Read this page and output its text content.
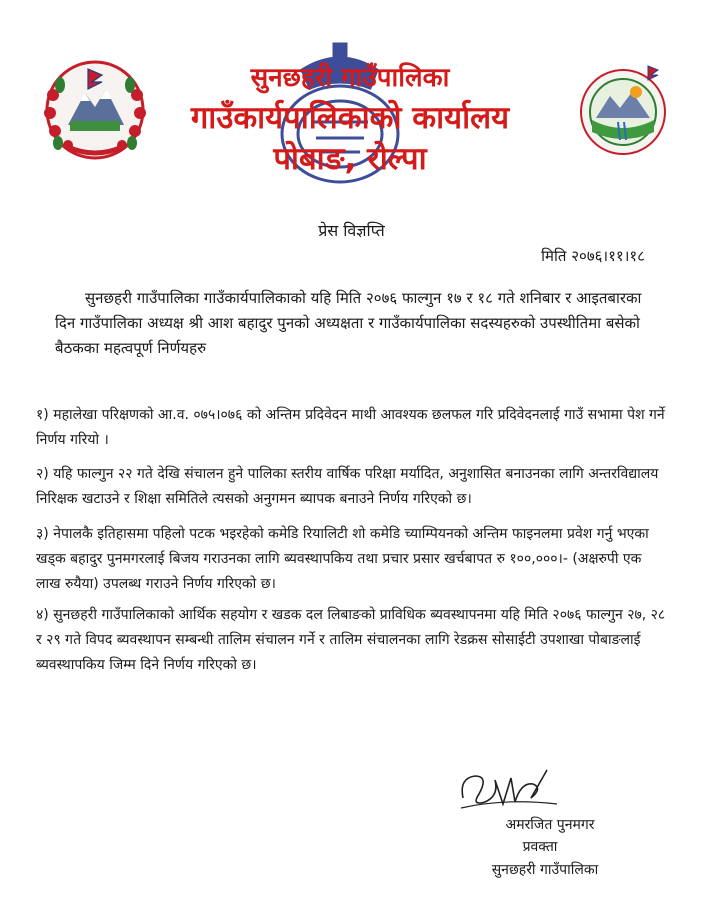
सुनछहरी गाउँपालिका
गाउँकार्यपालिकाको कार्यालय
पोबाङ, रोल्पा
प्रेस विज्ञप्ति
मिति २०७६।११।१८
सुनछहरी गाउँपालिका गाउँकार्यपालिकाको यहि मिति २०७६ फाल्गुन १७ र १८ गते शनिबार र आइतबारका दिन गाउँपालिका अध्यक्ष श्री आश बहादुर पुनको अध्यक्षता र गाउँकार्यपालिका सदस्यहरुको उपस्थीतिमा बसेको बैठकका महत्वपूर्ण निर्णयहरु
१) महालेखा परिक्षणको आ.व. ०७५।०७६ को अन्तिम प्रदिवेदन माथी आवश्यक छलफल गरि प्रदिवेदनलाई गाउँ सभामा पेश गर्ने निर्णय गरियो ।
२) यहि फाल्गुन २२ गते देखि संचालन हुने पालिका स्तरीय वार्षिक परिक्षा मर्यादित, अनुशासित बनाउनका लागि अन्तरविद्यालय निरिक्षक खटाउने र शिक्षा समितिले त्यसको अनुगमन ब्यापक बनाउने निर्णय गरिएको छ।
३) नेपालकै इतिहासमा पहिलो पटक भइरहेको कमेडि रियालिटी शो कमेडि च्याम्पियनको अन्तिम फाइनलमा प्रवेश गर्नु भएका खड्क बहादुर पुनमगरलाई बिजय गराउनका लागि ब्यवस्थापकिय तथा प्रचार प्रसार खर्चबापत रु १००,०००।- (अक्षरुपी एक लाख रुयैया) उपलब्ध गराउने निर्णय गरिएको छ।
४) सुनछहरी गाउँपालिकाको आर्थिक सहयोग र खडक दल लिबाङको प्राविधिक ब्यवस्थापनमा यहि मिति २०७६ फाल्गुन २७, २८ र २९ गते विपद ब्यवस्थापन सम्बन्धी तालिम संचालन गर्ने र तालिम संचालनका लागि रेडक्रस सोसाईटी उपशाखा पोबाङलाई ब्यवस्थापकिय जिम्म दिने निर्णय गरिएको छ।
अमरजित पुनमगर
प्रवक्ता
सुनछहरी गाउँपालिका
